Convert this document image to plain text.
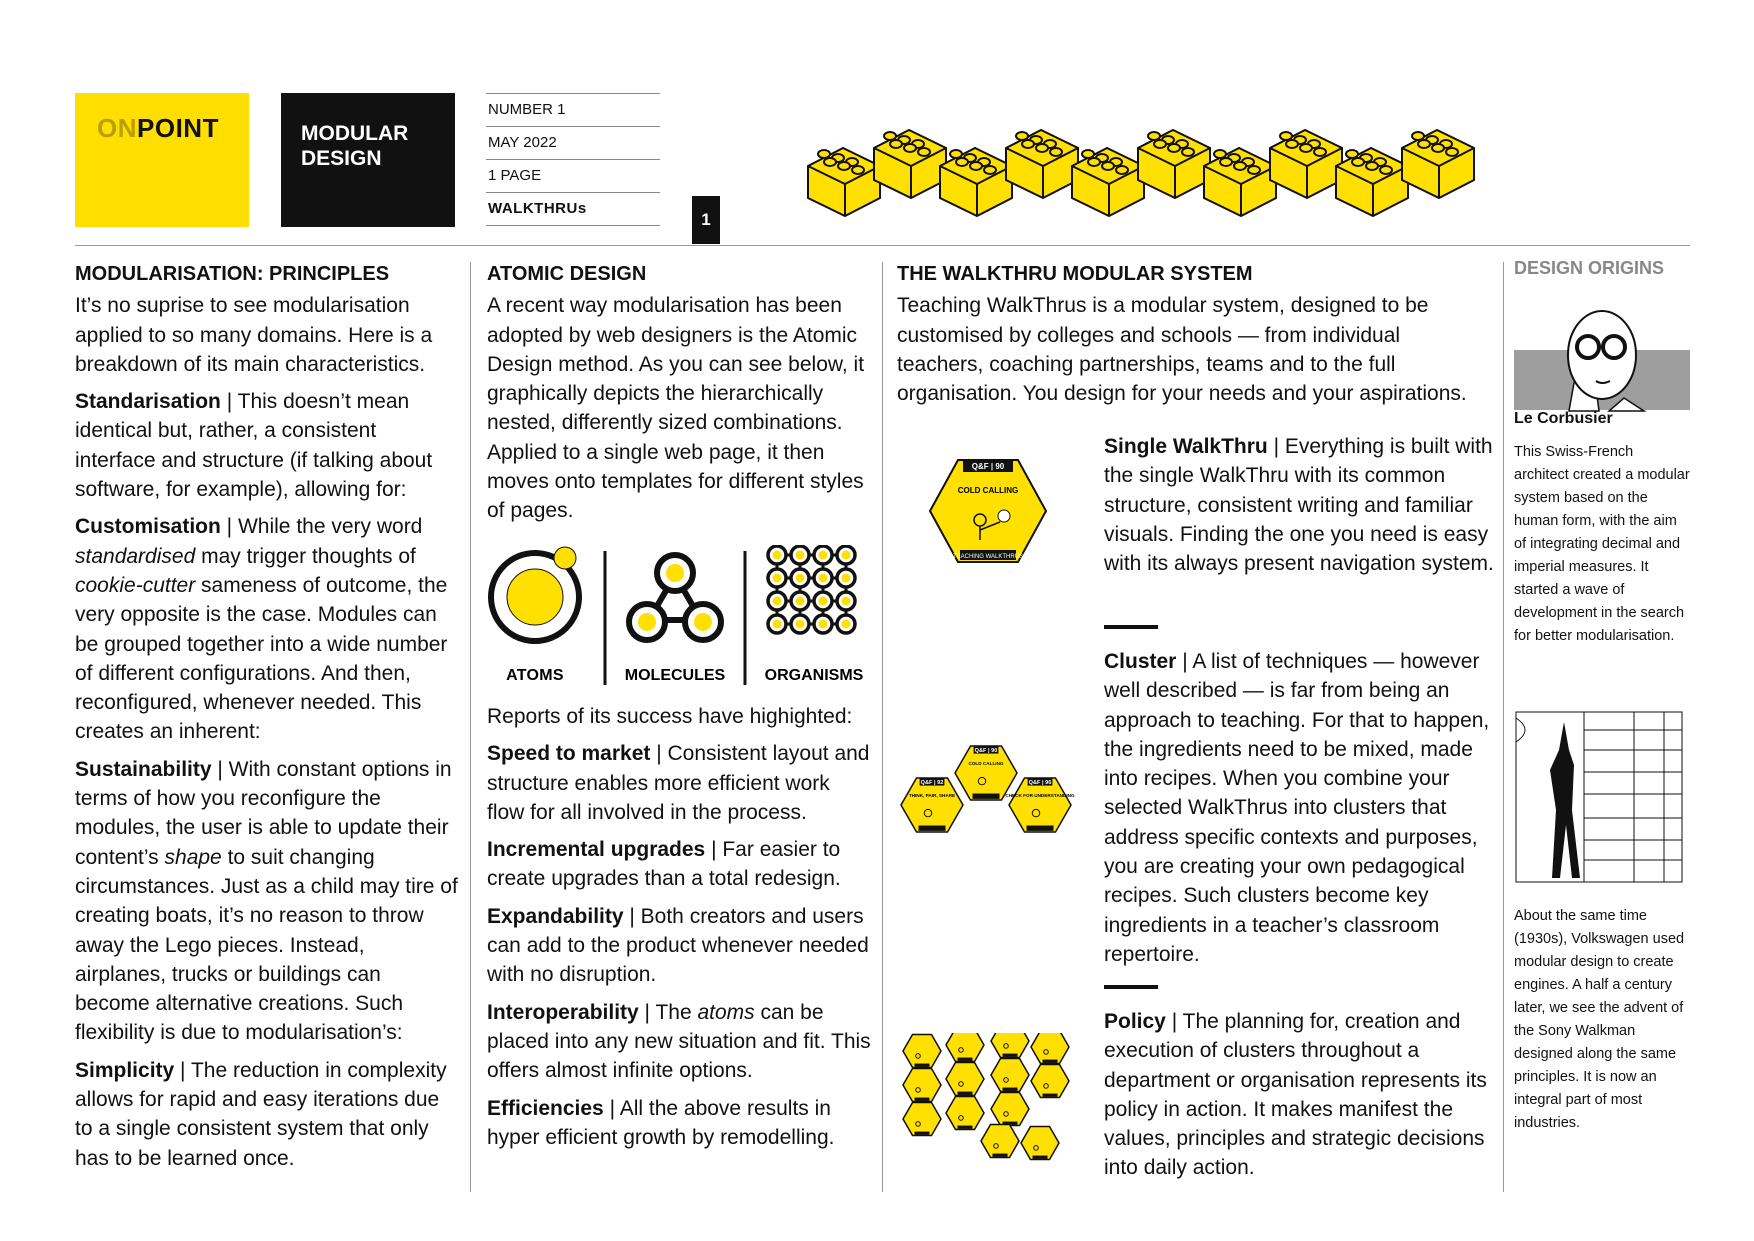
ONPOINT	MODULAR
DESIGN
NUMBER 1
MAY 2022
1 PAGE
WALKTHRUs
1
MODULARISATION: PRINCIPLES

It’s no suprise to see modularisation applied to so many domains. Here is a breakdown of its main characteristics.

Standarisation | This doesn’t mean identical but, rather, a consistent interface and structure (if talking about software, for example), allowing for:

Customisation | While the very word standardised may trigger thoughts of cookie-cutter sameness of outcome, the very opposite is the case. Modules can be grouped together into a wide number of different configurations. And then, reconfigured, whenever needed. This creates an inherent:

Sustainability | With constant options in terms of how you reconfigure the modules, the user is able to update their content’s shape to suit changing circumstances. Just as a child may tire of creating boats, it’s no reason to throw away the Lego pieces. Instead, airplanes, trucks or buildings can become alternative creations. Such flexibility is due to modularisation’s:

Simplicity | The reduction in complexity allows for rapid and easy iterations due to a single consistent system that only has to be learned once.

ATOMIC DESIGN

A recent way modularisation has been adopted by web designers is the Atomic Design method. As you can see below, it graphically depicts the hierarchically nested, differently sized combinations. Applied to a single web page, it then moves onto templates for different styles of pages.

ATOMS	MOLECULES ORGANISMS

Reports of its success have highighted:

Speed to market | Consistent layout and structure enables more efficient work flow for all involved in the process.

Incremental upgrades | Far easier to create upgrades than a total redesign.

Expandability | Both creators and users can add to the product whenever needed with no disruption.

Interoperability | The atoms can be placed into any new situation and fit. This offers almost infinite options.

Efficiencies | All the above results in hyper efficient growth by remodelling.

THE WALKTHRU MODULAR SYSTEM

Teaching WalkThrus is a modular system, designed to be customised by colleges and schools — from individual teachers, coaching partnerships, teams and to the full organisation. You design for your needs and your aspirations.

Q&F | 90
COLD CALLING
TEACHING WALKTHRUS

Single WalkThru | Everything is built with the single WalkThru with its common structure, consistent writing and familiar visuals. Finding the one you need is easy with its always present navigation system.

Q&F | 90
COLD CALLING
Q&F | 92
THINK, PAIR, SHARE
Q&F | 96
CHECK FOR UNDERSTANDING

Cluster | A list of techniques — however well described — is far from being an approach to teaching. For that to happen, the ingredients need to be mixed, made into recipes. When you combine your selected WalkThrus into clusters that address specific contexts and purposes, you are creating your own pedagogical recipes. Such clusters become key ingredients in a teacher’s classroom repertoire.

Policy | The planning for, creation and execution of clusters throughout a department or organisation represents its policy in action. It makes manifest the values, principles and strategic decisions into daily action.

DESIGN ORIGINS
Le Corbusier
This Swiss-French architect created a modular system based on the human form, with the aim of integrating decimal and imperial measures. It started a wave of development in the search for better modularisation.
About the same time (1930s), Volkswagen used modular design to create engines. A half a century later, we see the advent of the Sony Walkman designed along the same principles. It is now an integral part of most industries.
